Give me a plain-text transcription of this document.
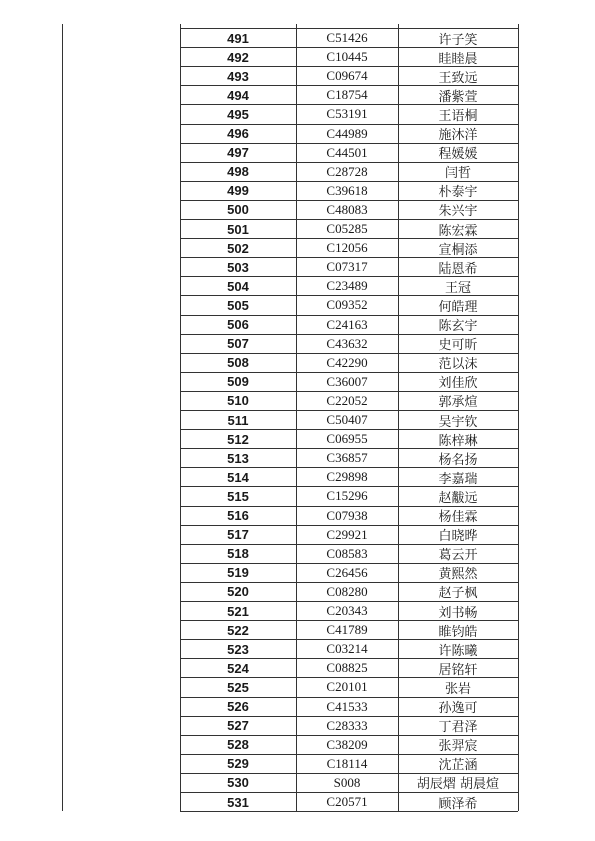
491	C51426	许子笑
492	C10445	眭睦晨
493	C09674	王致远
494	C18754	潘紫萱
495	C53191	王语桐
496	C44989	施沐洋
497	C44501	程媛媛
498	C28728	闫哲
499	C39618	朴泰宇
500	C48083	朱兴宇
501	C05285	陈宏霖
502	C12056	宣桐添
503	C07317	陆恩希
504	C23489	王冠
505	C09352	何皓理
506	C24163	陈玄宇
507	C43632	史可昕
508	C42290	范以沫
509	C36007	刘佳欣
510	C22052	郭承煊
511	C50407	吴宇钦
512	C06955	陈梓琳
513	C36857	杨名扬
514	C29898	李嘉瑞
515	C15296	赵黻远
516	C07938	杨佳霖
517	C29921	白晓晔
518	C08583	葛云开
519	C26456	黄熙然
520	C08280	赵子枫
521	C20343	刘书畅
522	C41789	睢钧皓
523	C03214	许陈曦
524	C08825	居铭轩
525	C20101	张岩
526	C41533	孙逸可
527	C28333	丁君泽
528	C38209	张羿宸
529	C18114	沈芷涵
530	S008	胡辰熠 胡晨煊
531	C20571	顾泽希
